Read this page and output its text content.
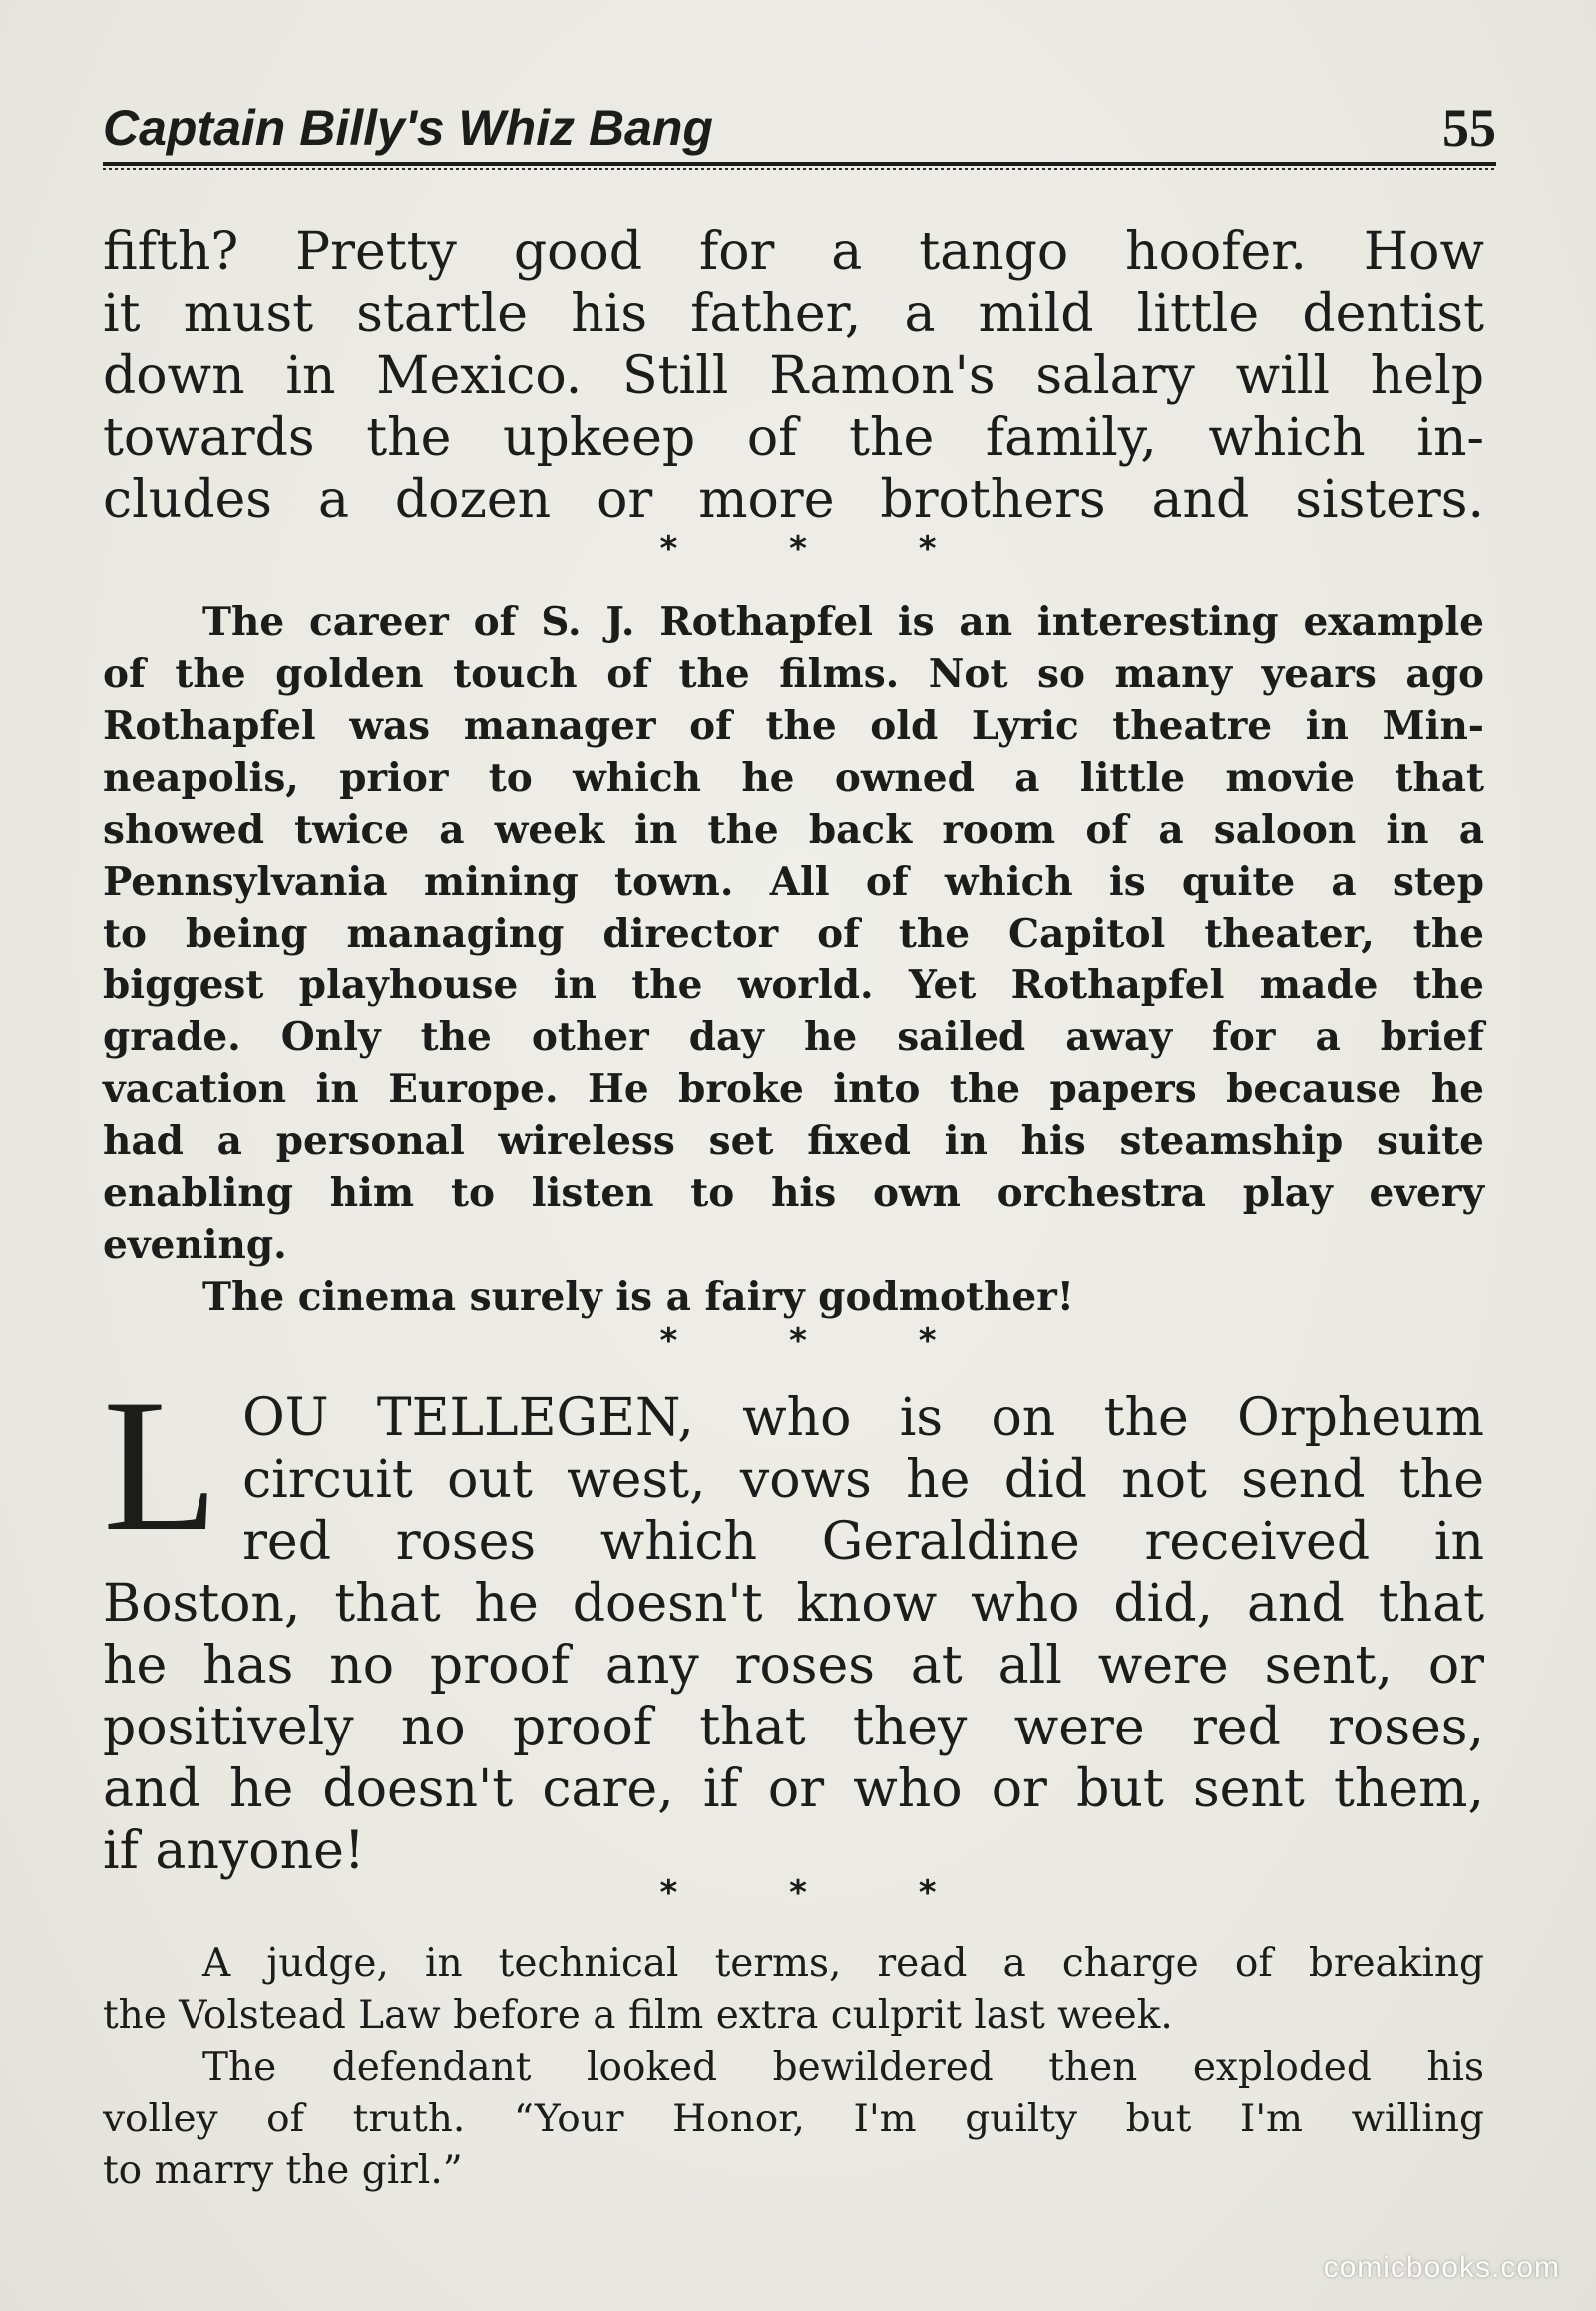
Captain Billy's Whiz Bang	55
fifth? Pretty good for a tango hoofer. How
it must startle his father, a mild little dentist
down in Mexico. Still Ramon's salary will help
towards the upkeep of the family, which in-
cludes a dozen or more brothers and sisters.
* * *
The career of S. J. Rothapfel is an interesting example
of the golden touch of the films. Not so many years ago
Rothapfel was manager of the old Lyric theatre in Min-
neapolis, prior to which he owned a little movie that
showed twice a week in the back room of a saloon in a
Pennsylvania mining town. All of which is quite a step
to being managing director of the Capitol theater, the
biggest playhouse in the world. Yet Rothapfel made the
grade. Only the other day he sailed away for a brief
vacation in Europe. He broke into the papers because he
had a personal wireless set fixed in his steamship suite
enabling him to listen to his own orchestra play every
evening.
The cinema surely is a fairy godmother!
* * *
L OU TELLEGEN, who is on the Orpheum
circuit out west, vows he did not send the
red roses which Geraldine received in
Boston, that he doesn't know who did, and that
he has no proof any roses at all were sent, or
positively no proof that they were red roses,
and he doesn't care, if or who or but sent them,
if anyone!
* * *
A judge, in technical terms, read a charge of breaking
the Volstead Law before a film extra culprit last week.
The defendant looked bewildered then exploded his
volley of truth. “Your Honor, I'm guilty but I'm willing
to marry the girl.”
comicbooks.com
